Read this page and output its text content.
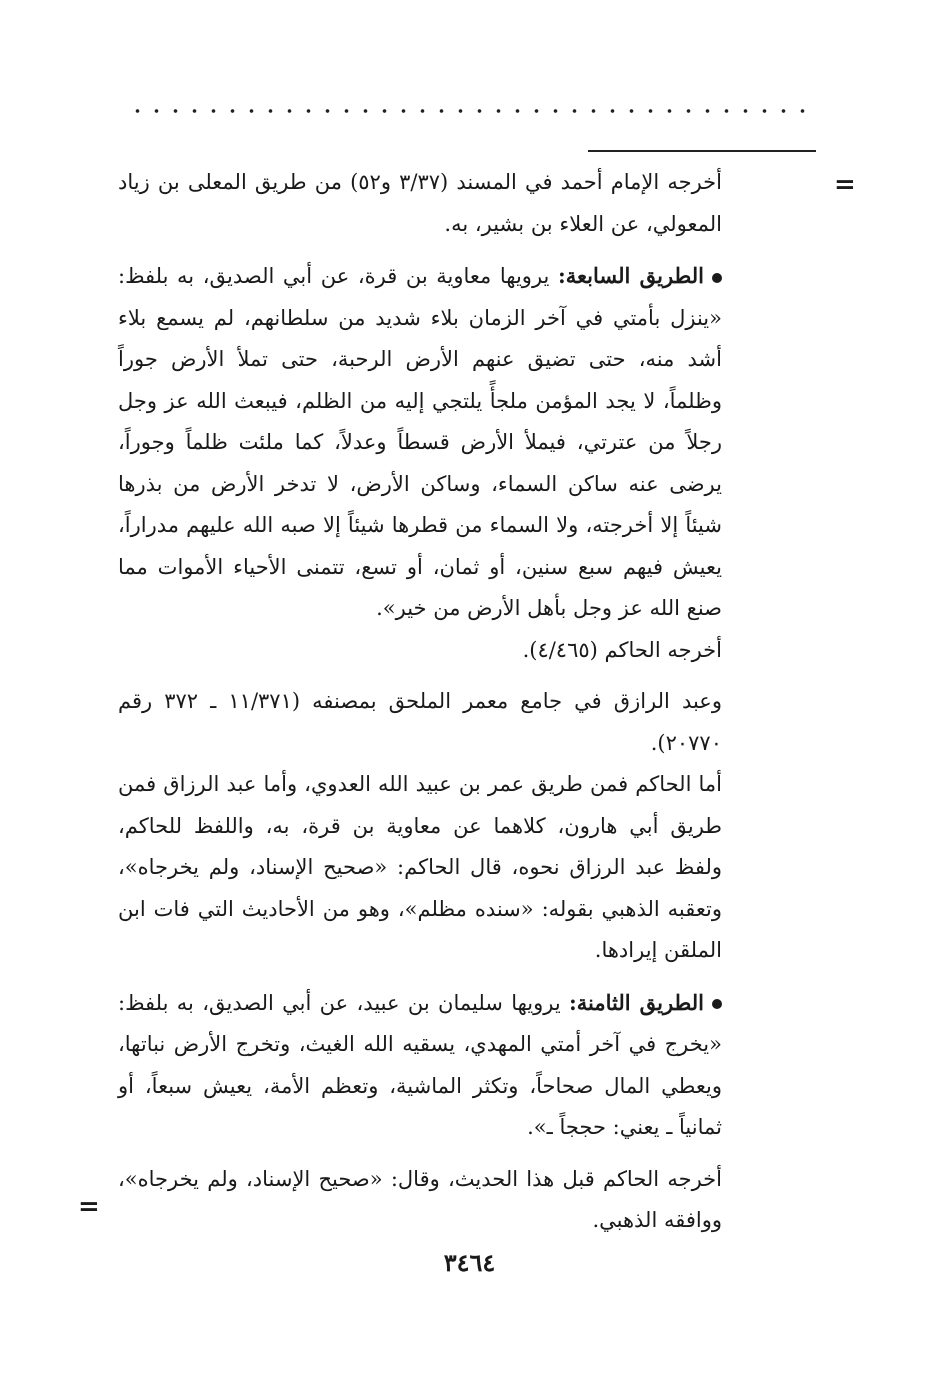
=
=

أخرجه الإمام أحمد في المسند (٣/٣٧ و٥٢) من طريق المعلى بن زياد المعولي، عن العلاء بن بشير، به.

الطريق السابعة: يرويها معاوية بن قرة، عن أبي الصديق، به بلفظ: «ينزل بأمتي في آخر الزمان بلاء شديد من سلطانهم، لم يسمع بلاء أشد منه، حتى تضيق عنهم الأرض الرحبة، حتى تملأ الأرض جوراً وظلماً، لا يجد المؤمن ملجأً يلتجي إليه من الظلم، فيبعث الله عز وجل رجلاً من عترتي، فيملأ الأرض قسطاً وعدلاً، كما ملئت ظلماً وجوراً، يرضى عنه ساكن السماء، وساكن الأرض، لا تدخر الأرض من بذرها شيئاً إلا أخرجته، ولا السماء من قطرها شيئاً إلا صبه الله عليهم مدراراً، يعيش فيهم سبع سنين، أو ثمان، أو تسع، تتمنى الأحياء الأموات مما صنع الله عز وجل بأهل الأرض من خير».

أخرجه الحاكم (٤/٤٦٥).

وعبد الرازق في جامع معمر الملحق بمصنفه (١١/٣٧١ ـ ٣٧٢ رقم ٢٠٧٧٠).

أما الحاكم فمن طريق عمر بن عبيد الله العدوي، وأما عبد الرزاق فمن طريق أبي هارون، كلاهما عن معاوية بن قرة، به، واللفظ للحاكم، ولفظ عبد الرزاق نحوه، قال الحاكم: «صحيح الإسناد، ولم يخرجاه»، وتعقبه الذهبي بقوله: «سنده مظلم»، وهو من الأحاديث التي فات ابن الملقن إيرادها.

الطريق الثامنة: يرويها سليمان بن عبيد، عن أبي الصديق، به بلفظ: «يخرج في آخر أمتي المهدي، يسقيه الله الغيث، وتخرج الأرض نباتها، ويعطي المال صحاحاً، وتكثر الماشية، وتعظم الأمة، يعيش سبعاً، أو ثمانياً ـ يعني: حججاً ـ».

أخرجه الحاكم قبل هذا الحديث، وقال: «صحيح الإسناد، ولم يخرجاه»، ووافقه الذهبي.

٣٤٦٤
